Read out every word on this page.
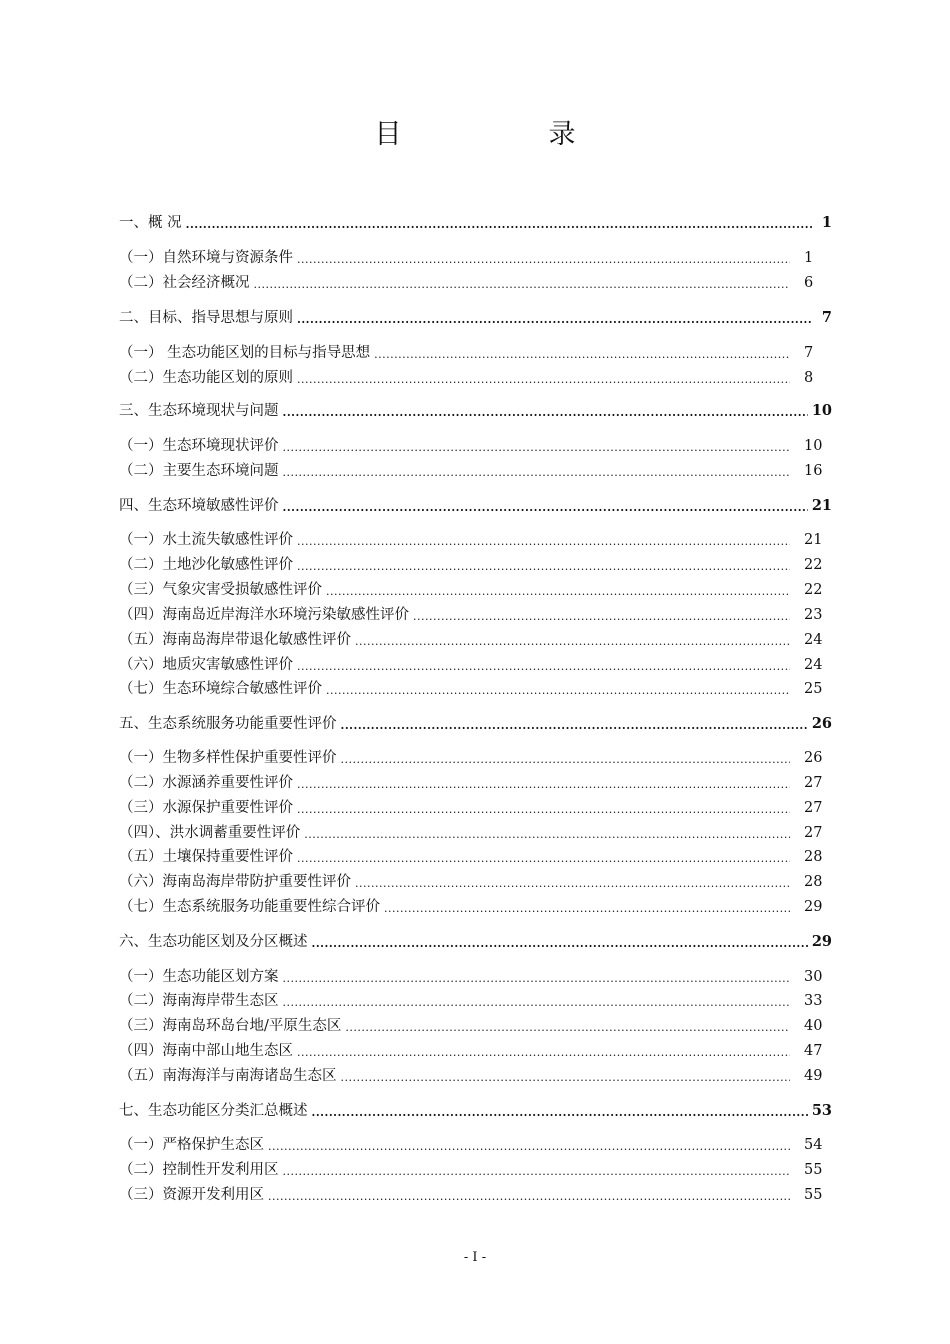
目　录
一、概 况 .....	1
（一）自然环境与资源条件 .....	1
（二）社会经济概况 .....	6
二、目标、指导思想与原则 .....	7
（一） 生态功能区划的目标与指导思想 .....	7
（二）生态功能区划的原则 .....	8
三、生态环境现状与问题 .....	10
（一）生态环境现状评价 .....	10
（二）主要生态环境问题 .....	16
四、生态环境敏感性评价 .....	21
（一）水土流失敏感性评价 .....	21
（二）土地沙化敏感性评价 .....	22
（三）气象灾害受损敏感性评价 .....	22
（四）海南岛近岸海洋水环境污染敏感性评价 .....	23
（五）海南岛海岸带退化敏感性评价 .....	24
（六）地质灾害敏感性评价 .....	24
（七）生态环境综合敏感性评价 .....	25
五、生态系统服务功能重要性评价 .....	26
（一）生物多样性保护重要性评价 .....	26
（二）水源涵养重要性评价 .....	27
（三）水源保护重要性评价 .....	27
（四）、洪水调蓄重要性评价 .....	27
（五）土壤保持重要性评价 .....	28
（六）海南岛海岸带防护重要性评价 .....	28
（七）生态系统服务功能重要性综合评价 .....	29
六、生态功能区划及分区概述 .....	29
（一）生态功能区划方案 .....	30
（二）海南海岸带生态区 .....	33
（三）海南岛环岛台地/平原生态区 .....	40
（四）海南中部山地生态区 .....	47
（五）南海海洋与南海诸岛生态区 .....	49
七、生态功能区分类汇总概述 .....	53
（一）严格保护生态区 .....	54
（二）控制性开发利用区 .....	55
（三）资源开发利用区 .....	55
- I -
